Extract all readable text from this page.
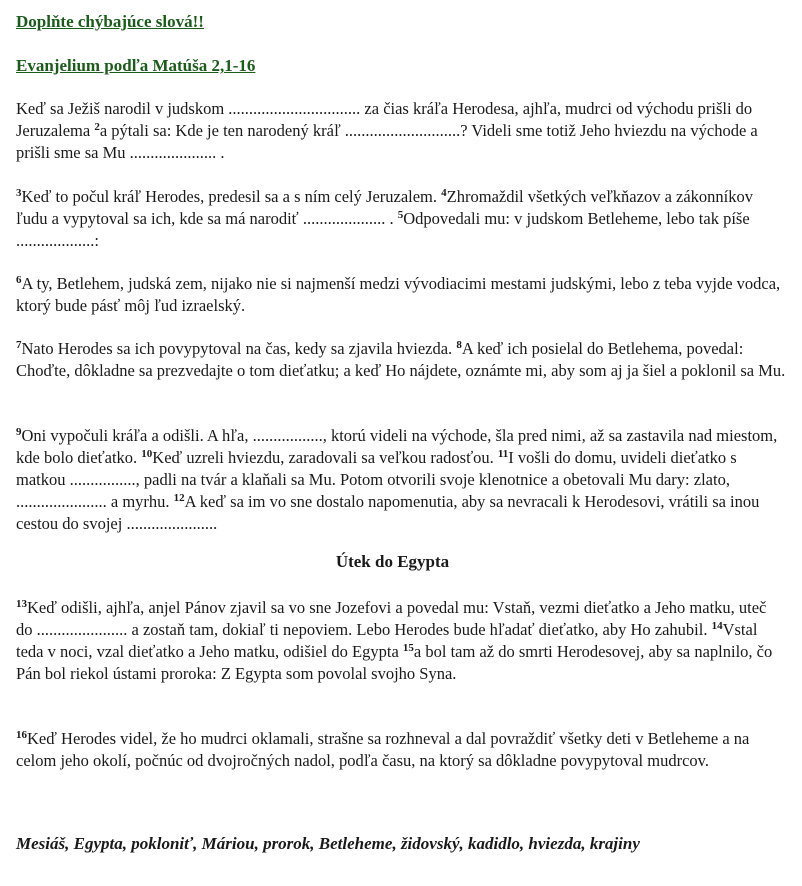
Doplňte chýbajúce slová!!

Evanjelium podľa Matúša 2,1-16

Keď sa Ježiš narodil v judskom ................................ za čias kráľa Herodesa, ajhľa, mudrci od východu prišli do Jeruzalema $^2$a pýtali sa: Kde je ten narodený kráľ ............................? Videli sme totiž Jeho hviezdu na východe a prišli sme sa Mu ..................... .

$^3$Keď to počul kráľ Herodes, predesil sa a s ním celý Jeruzalem. $^4$Zhromaždil všetkých veľkňazov a zákonníkov ľudu a vypytoval sa ich, kde sa má narodiť .................... . $^5$Odpovedali mu: v judskom Betleheme, lebo tak píše ...................:

$^6$A ty, Betlehem, judská zem, nijako nie si najmenší medzi vývodiacimi mestami judskými, lebo z teba vyjde vodca, ktorý bude pásť môj ľud izraelský.

$^7$Nato Herodes sa ich povypytoval na čas, kedy sa zjavila hviezda. $^8$A keď ich posielal do Betlehema, povedal: Choďte, dôkladne sa prezvedajte o tom dieťatku; a keď Ho nájdete, oznámte mi, aby som aj ja šiel a poklonil sa Mu.

$^9$Oni vypočuli kráľa a odišli. A hľa, ................., ktorú videli na východe, šla pred nimi, až sa zastavila nad miestom, kde bolo dieťatko. $^{10}$Keď uzreli hviezdu, zaradovali sa veľkou radosťou. $^{11}$I vošli do domu, uvideli dieťatko s matkou ................, padli na tvár a klaňali sa Mu. Potom otvorili svoje klenotnice a obetovali Mu dary: zlato, ...................... a myrhu. $^{12}$A keď sa im vo sne dostalo napomenutia, aby sa nevracali k Herodesovi, vrátili sa inou cestou do svojej ......................

Útek do Egypta

$^{13}$Keď odišli, ajhľa, anjel Pánov zjavil sa vo sne Jozefovi a povedal mu: Vstaň, vezmi dieťatko a Jeho matku, uteč do ...................... a zostaň tam, dokiaľ ti nepoviem. Lebo Herodes bude hľadať dieťatko, aby Ho zahubil. $^{14}$Vstal teda v noci, vzal dieťatko a Jeho matku, odišiel do Egypta $^{15}$a bol tam až do smrti Herodesovej, aby sa naplnilo, čo Pán bol riekol ústami proroka: Z Egypta som povolal svojho Syna.

$^{16}$Keď Herodes videl, že ho mudrci oklamali, strašne sa rozhneval a dal povraždiť všetky deti v Betleheme a na celom jeho okolí, počnúc od dvojročných nadol, podľa času, na ktorý sa dôkladne povypytoval mudrcov.

Mesiáš, Egypta, pokloniť, Máriou, prorok, Betleheme, židovský, kadidlo, hviezda, krajiny
